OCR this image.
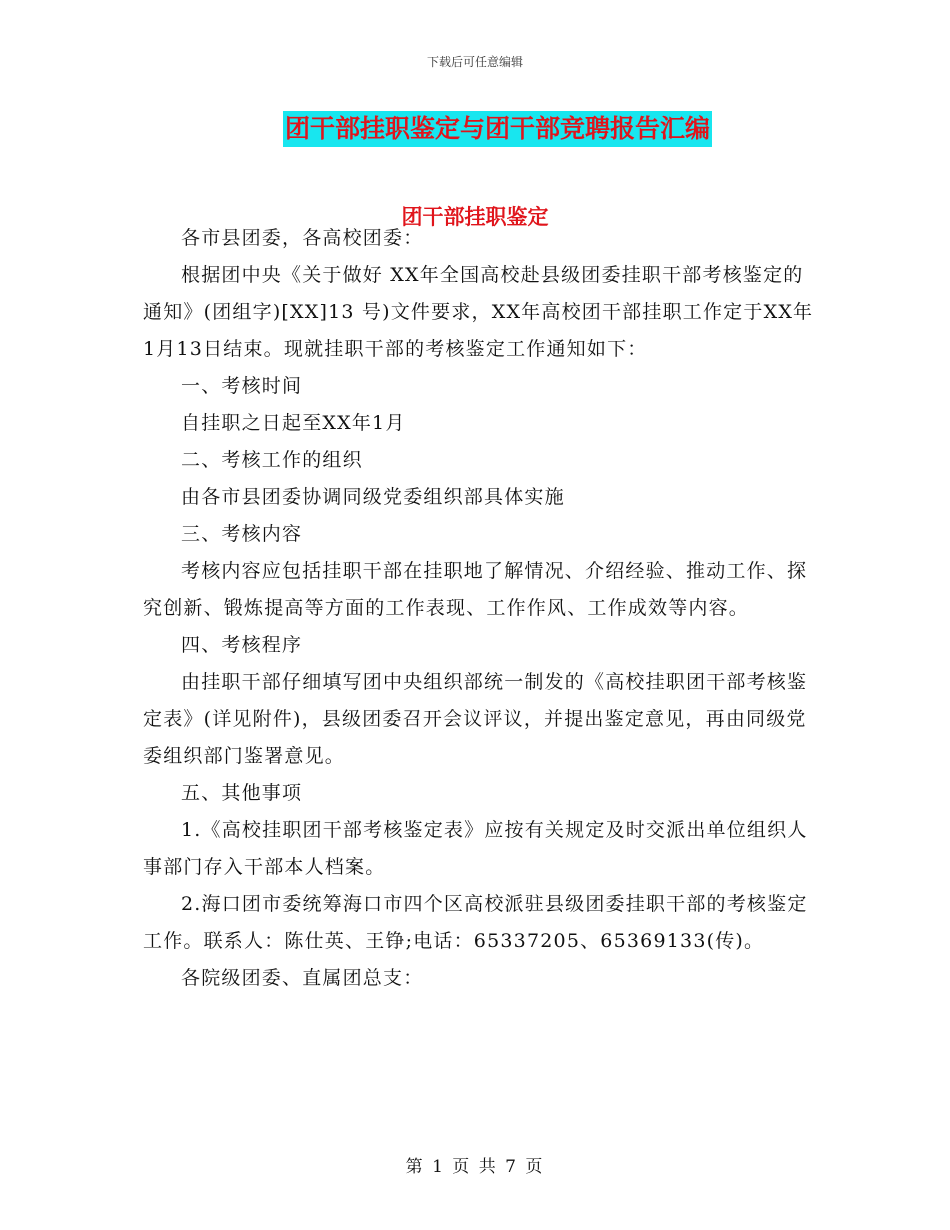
下载后可任意编辑
团干部挂职鉴定与团干部竞聘报告汇编
团干部挂职鉴定

各市县团委，各高校团委：

根据团中央《关于做好 XX年全国高校赴县级团委挂职干部考核鉴定的通知》(团组字)[XX]13 号)文件要求，XX年高校团干部挂职工作定于XX年1月13日结束。现就挂职干部的考核鉴定工作通知如下：

一、考核时间

自挂职之日起至XX年1月

二、考核工作的组织

由各市县团委协调同级党委组织部具体实施

三、考核内容

考核内容应包括挂职干部在挂职地了解情况、介绍经验、推动工作、探究创新、锻炼提高等方面的工作表现、工作作风、工作成效等内容。

四、考核程序

由挂职干部仔细填写团中央组织部统一制发的《高校挂职团干部考核鉴定表》(详见附件)，县级团委召开会议评议，并提出鉴定意见，再由同级党委组织部门鉴署意见。

五、其他事项

1.《高校挂职团干部考核鉴定表》应按有关规定及时交派出单位组织人事部门存入干部本人档案。

2.海口团市委统筹海口市四个区高校派驻县级团委挂职干部的考核鉴定工作。联系人：陈仕英、王铮;电话：65337205、65369133(传)。

各院级团委、直属团总支：

第 1 页 共 7 页
